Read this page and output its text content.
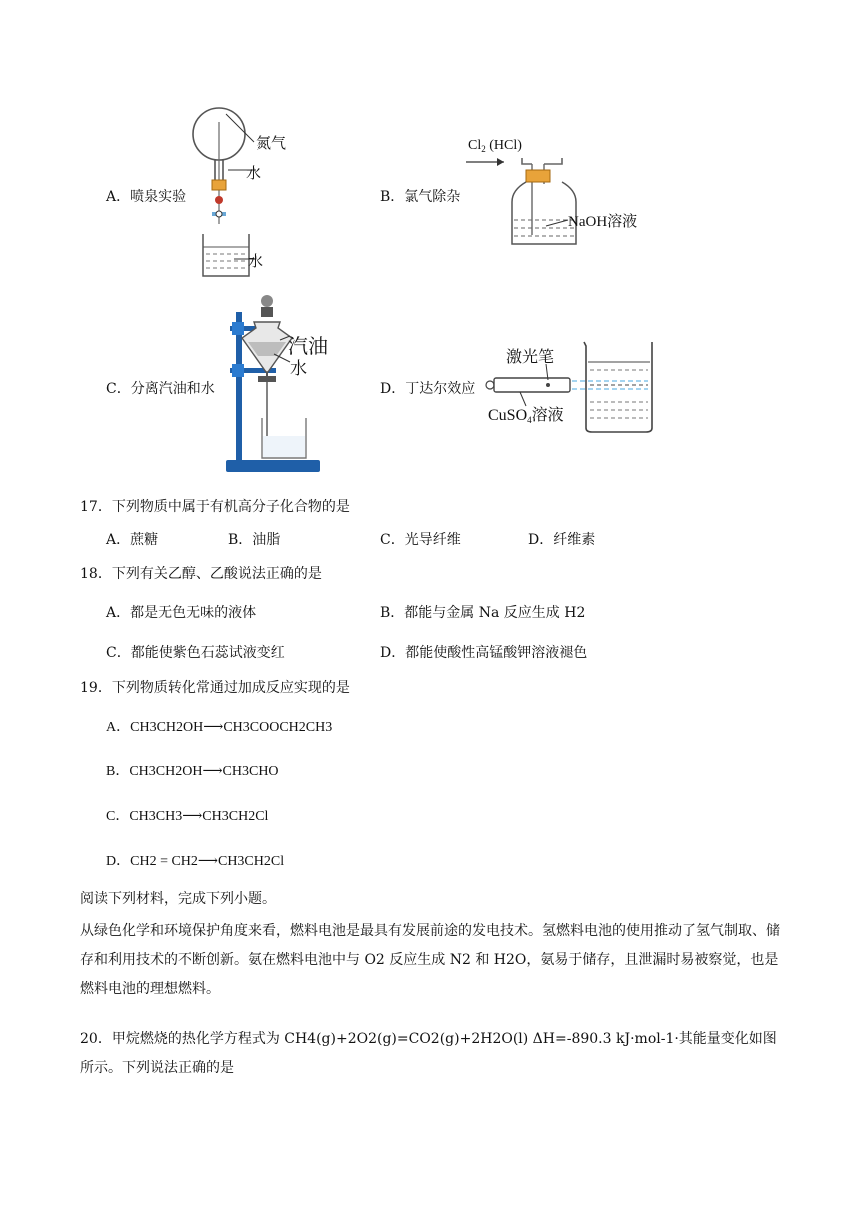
A．喷泉实验
氮气
水
水
B．氯气除杂
$Cl_2$ (HCl)
NaOH溶液
C．分离汽油和水
汽油
水
D．丁达尔效应
激光笔
CuSO$_4$溶液
17．下列物质中属于有机高分子化合物的是
A．蔗糖	B．油脂	C．光导纤维	D．纤维素
18．下列有关乙醇、乙酸说法正确的是
A．都是无色无味的液体	B．都能与金属 Na 反应生成 H2
C．都能使紫色石蕊试液变红	D．都能使酸性高锰酸钾溶液褪色
19．下列物质转化常通过加成反应实现的是
A．CH3CH2OH⟶CH3COOCH2CH3
B．CH3CH2OH⟶CH3CHO
C．CH3CH3⟶CH3CH2Cl
D．CH2 = CH2⟶CH3CH2Cl
阅读下列材料，完成下列小题。
从绿色化学和环境保护角度来看，燃料电池是最具有发展前途的发电技术。氢燃料电池的使用推动了氢气制取、储存和利用技术的不断创新。氨在燃料电池中与 O2 反应生成 N2 和 H2O，氨易于储存，且泄漏时易被察觉，也是燃料电池的理想燃料。
20．甲烷燃烧的热化学方程式为 CH4(g)+2O2(g)=CO2(g)+2H2O(l) ΔH=-890.3 kJ·mol-1·其能量变化如图所示。下列说法正确的是
